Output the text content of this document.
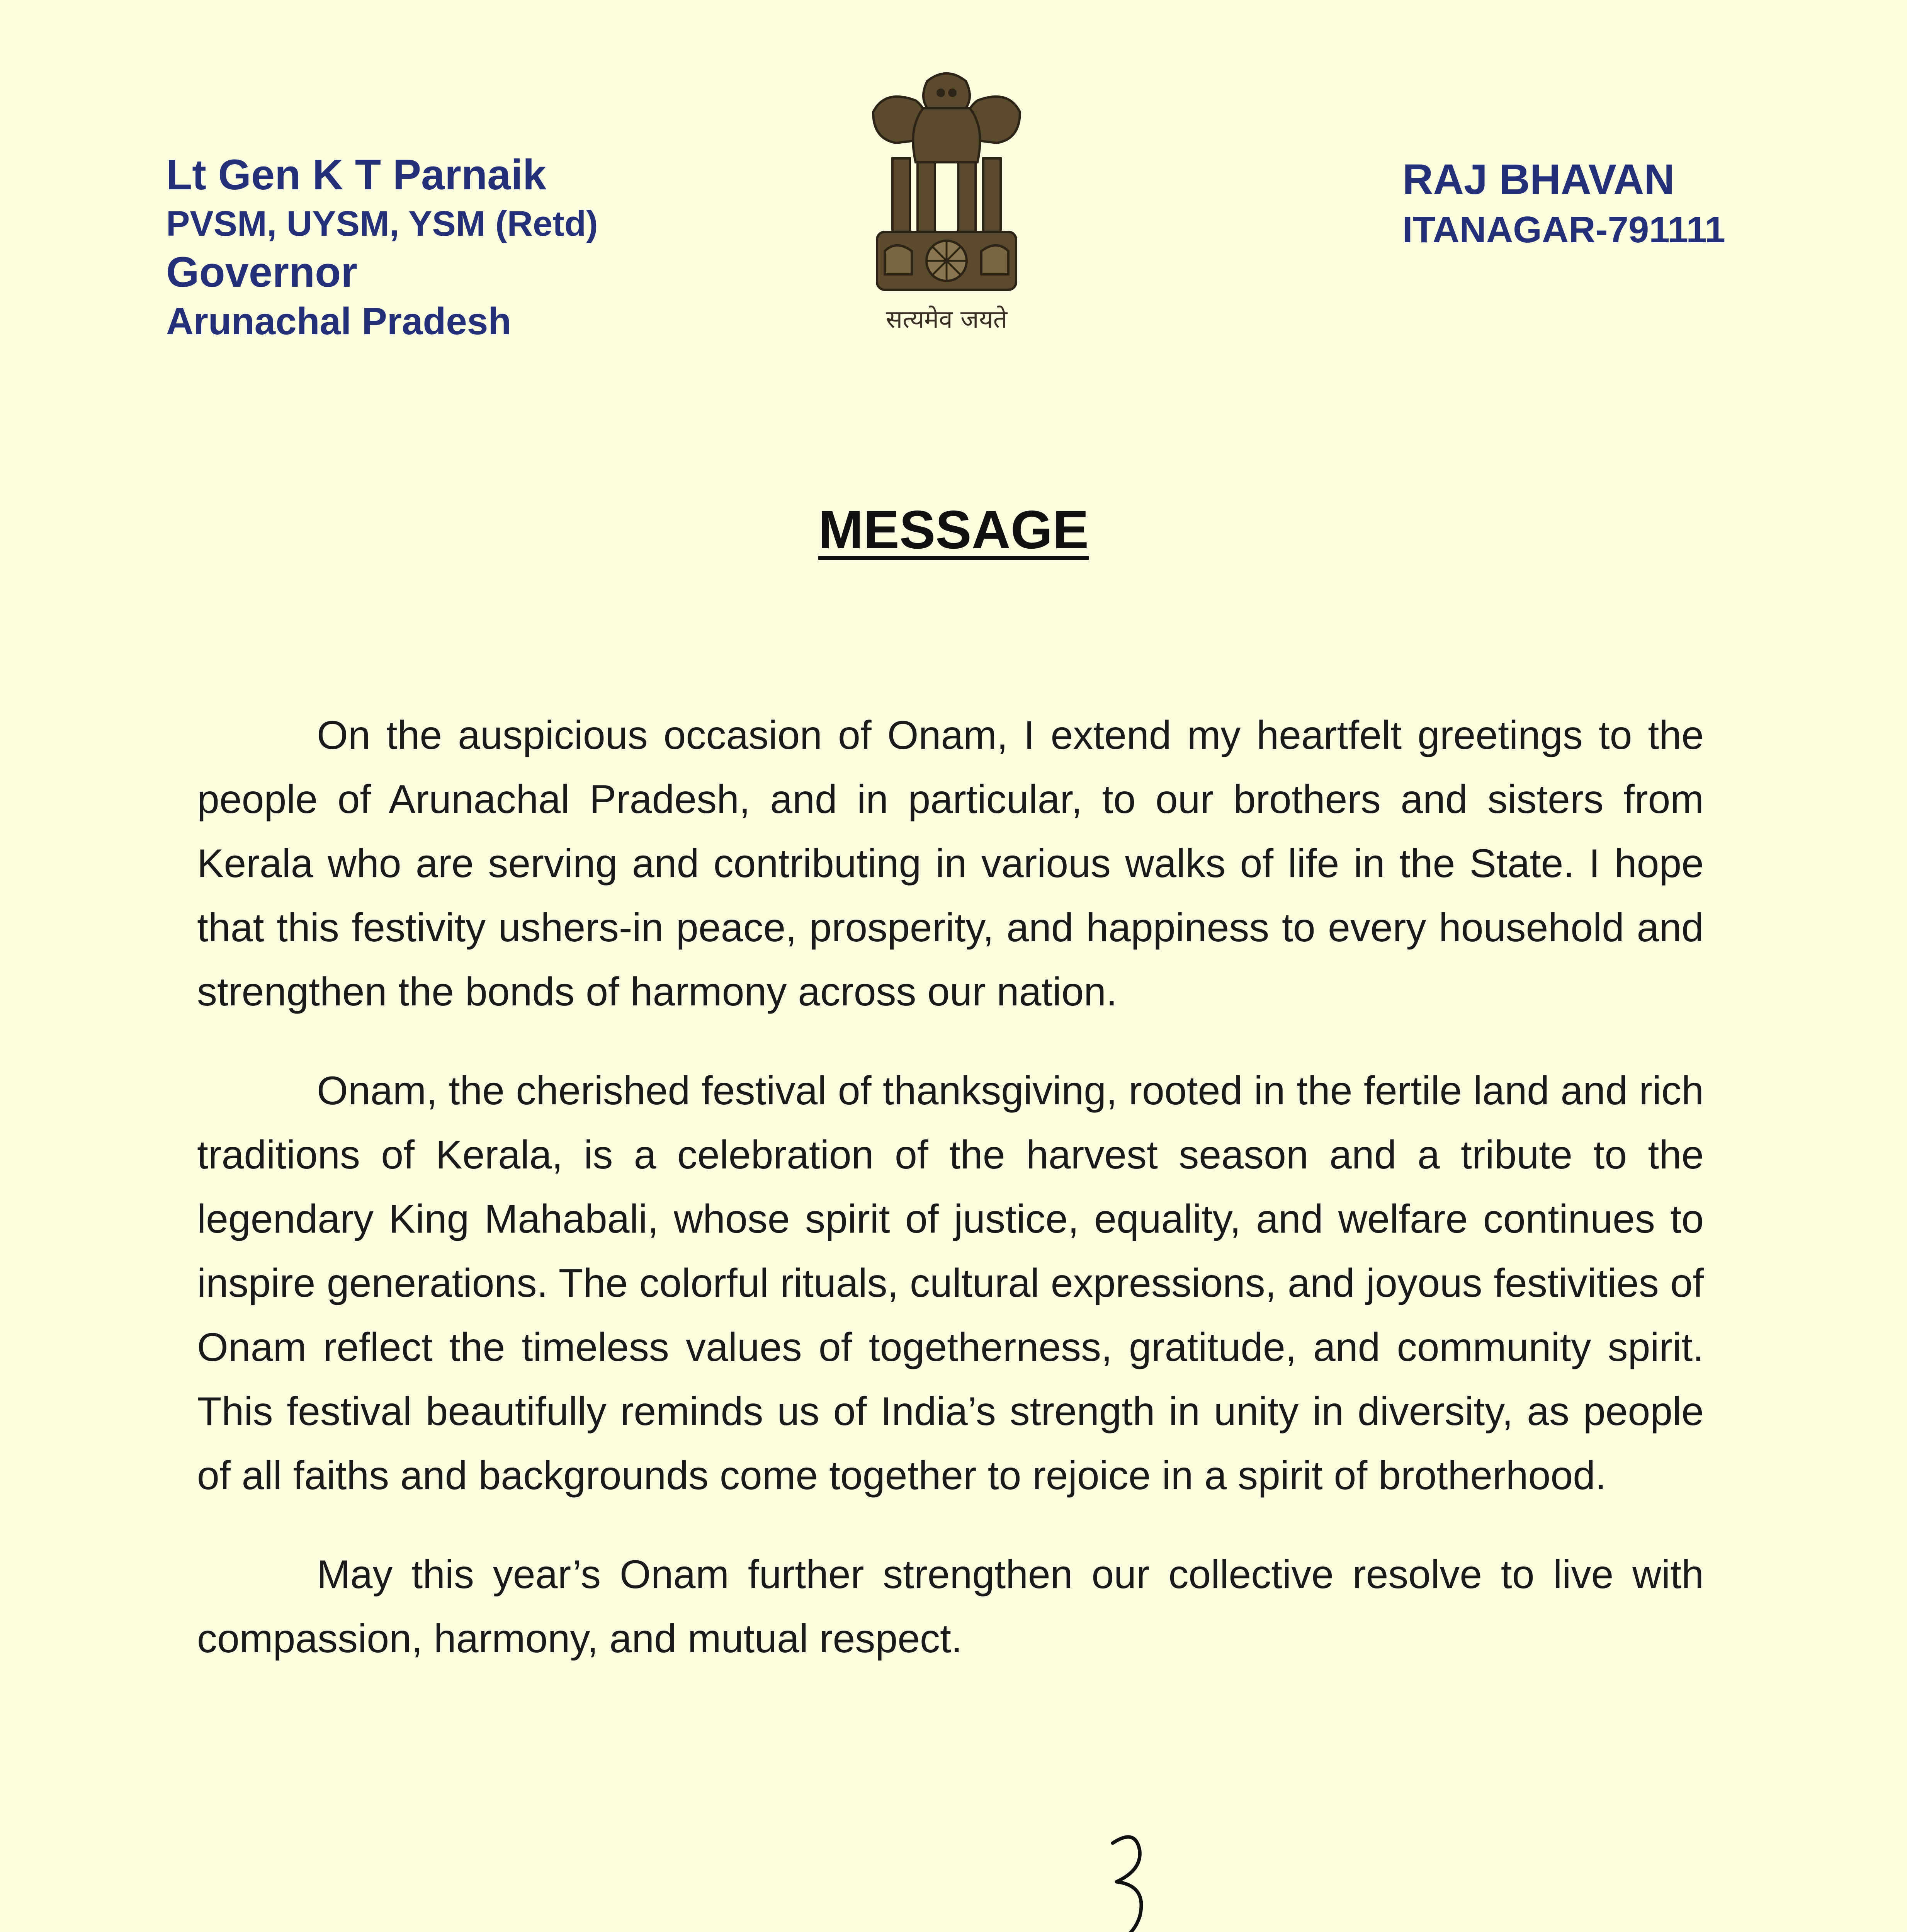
Lt Gen K T Parnaik
PVSM, UYSM, YSM (Retd)
Governor
Arunachal Pradesh	सत्यमेव जयते
RAJ BHAVAN
ITANAGAR-791111
MESSAGE

On the auspicious occasion of Onam, I extend my heartfelt greetings to the people of Arunachal Pradesh, and in particular, to our brothers and sisters from Kerala who are serving and contributing in various walks of life in the State. I hope that this festivity ushers-in peace, prosperity, and happiness to every household and strengthen the bonds of harmony across our nation.

Onam, the cherished festival of thanksgiving, rooted in the fertile land and rich traditions of Kerala, is a celebration of the harvest season and a tribute to the legendary King Mahabali, whose spirit of justice, equality, and welfare continues to inspire generations. The colorful rituals, cultural expressions, and joyous festivities of Onam reflect the timeless values of togetherness, gratitude, and community spirit. This festival beautifully reminds us of India’s strength in unity in diversity, as people of all faiths and backgrounds come together to rejoice in a spirit of brotherhood.

May this year’s Onam further strengthen our collective resolve to live with compassion, harmony, and mutual respect.
